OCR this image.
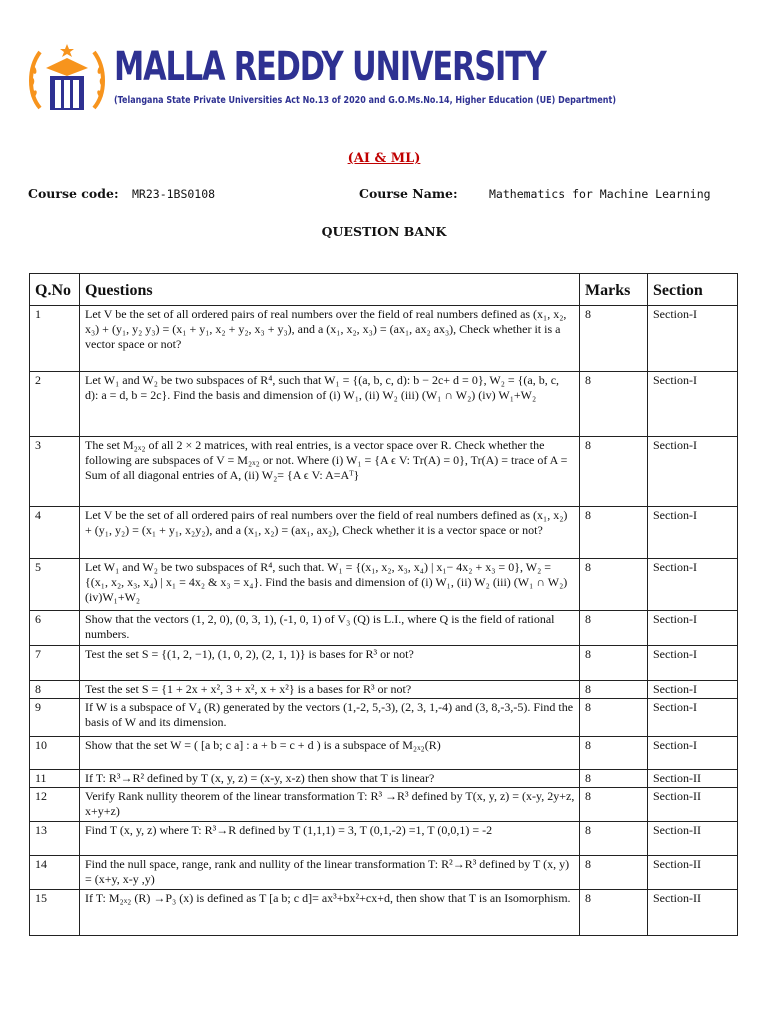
MALLA REDDY UNIVERSITY
(Telangana State Private Universities Act No.13 of 2020 and G.O.Ms.No.14, Higher Education (UE) Department)
(AI & ML)
Course code: MR23-1BS0108	Course Name:	Mathematics for Machine Learning
QUESTION BANK
Q.No	Questions	Marks	Section
1	Let V be the set of all ordered pairs of real numbers over the field of real numbers defined as (x₁, x₂, x₃) + (y₁, y₂ y₃) = (x₁ + y₁, x₂ + y₂, x₃ + y₃), and a (x₁, x₂, x₃) = (ax₁, ax₂ ax₃), Check whether it is a vector space or not?	8	Section-I
2	Let W₁ and W₂ be two subspaces of R⁴, such that W₁ = {(a, b, c, d): b − 2c+ d = 0}, W₂ = {(a, b, c, d): a = d, b = 2c}. Find the basis and dimension of (i) W₁, (ii) W₂ (iii) (W₁ ∩ W₂) (iv) W₁+W₂	8	Section-I
3	The set M₂ₓ₂ of all 2 × 2 matrices, with real entries, is a vector space over R. Check whether the following are subspaces of V = M₂ₓ₂ or not. Where (i) W₁ = {A ϵ V: Tr(A) = 0}, Tr(A) = trace of A = Sum of all diagonal entries of A, (ii) W₂= {A ϵ V: A=Aᵀ}	8	Section-I
4	Let V be the set of all ordered pairs of real numbers over the field of real numbers defined as (x₁, x₂) + (y₁, y₂) = (x₁ + y₁, x₂y₂), and a (x₁, x₂) = (ax₁, ax₂), Check whether it is a vector space or not?	8	Section-I
5	Let W₁ and W₂ be two subspaces of R⁴, such that. W₁ = {(x₁, x₂, x₃, x₄) | x₁− 4x₂ + x₃ = 0}, W₂ = {(x₁, x₂, x₃, x₄) | x₁ = 4x₂ & x₃ = x₄}. Find the basis and dimension of (i) W₁, (ii) W₂ (iii) (W₁ ∩ W₂) (iv)W₁+W₂	8	Section-I
6	Show that the vectors (1, 2, 0), (0, 3, 1), (-1, 0, 1) of V₃ (Q) is L.I., where Q is the field of rational numbers.	8	Section-I
7	Test the set S = {(1, 2, −1), (1, 0, 2), (2, 1, 1)} is bases for R³ or not?	8	Section-I
8	Test the set S = {1 + 2x + x², 3 + x², x + x²} is a bases for R³ or not?	8	Section-I
9	If W is a subspace of V₄ (R) generated by the vectors (1,-2, 5,-3), (2, 3, 1,-4) and (3, 8,-3,-5). Find the basis of W and its dimension.	8	Section-I
10	Show that the set W = ( [a b; c a] : a + b = c + d ) is a subspace of M₂ₓ₂(R)	8	Section-I
11	If T: R³→R² defined by T (x, y, z) = (x-y, x-z) then show that T is linear?	8	Section-II
12	Verify Rank nullity theorem of the linear transformation T: R³ →R³ defined by T(x, y, z) = (x-y, 2y+z, x+y+z)	8	Section-II
13	Find T (x, y, z) where T: R³→R defined by T (1,1,1) = 3, T (0,1,-2) =1, T (0,0,1) = -2	8	Section-II
14	Find the null space, range, rank and nullity of the linear transformation T: R²→R³ defined by T (x, y) = (x+y, x-y ,y)	8	Section-II
15	If T: M₂ₓ₂ (R) →P₃ (x) is defined as T [a b; c d]= ax³+bx²+cx+d, then show that T is an Isomorphism.	8	Section-II
